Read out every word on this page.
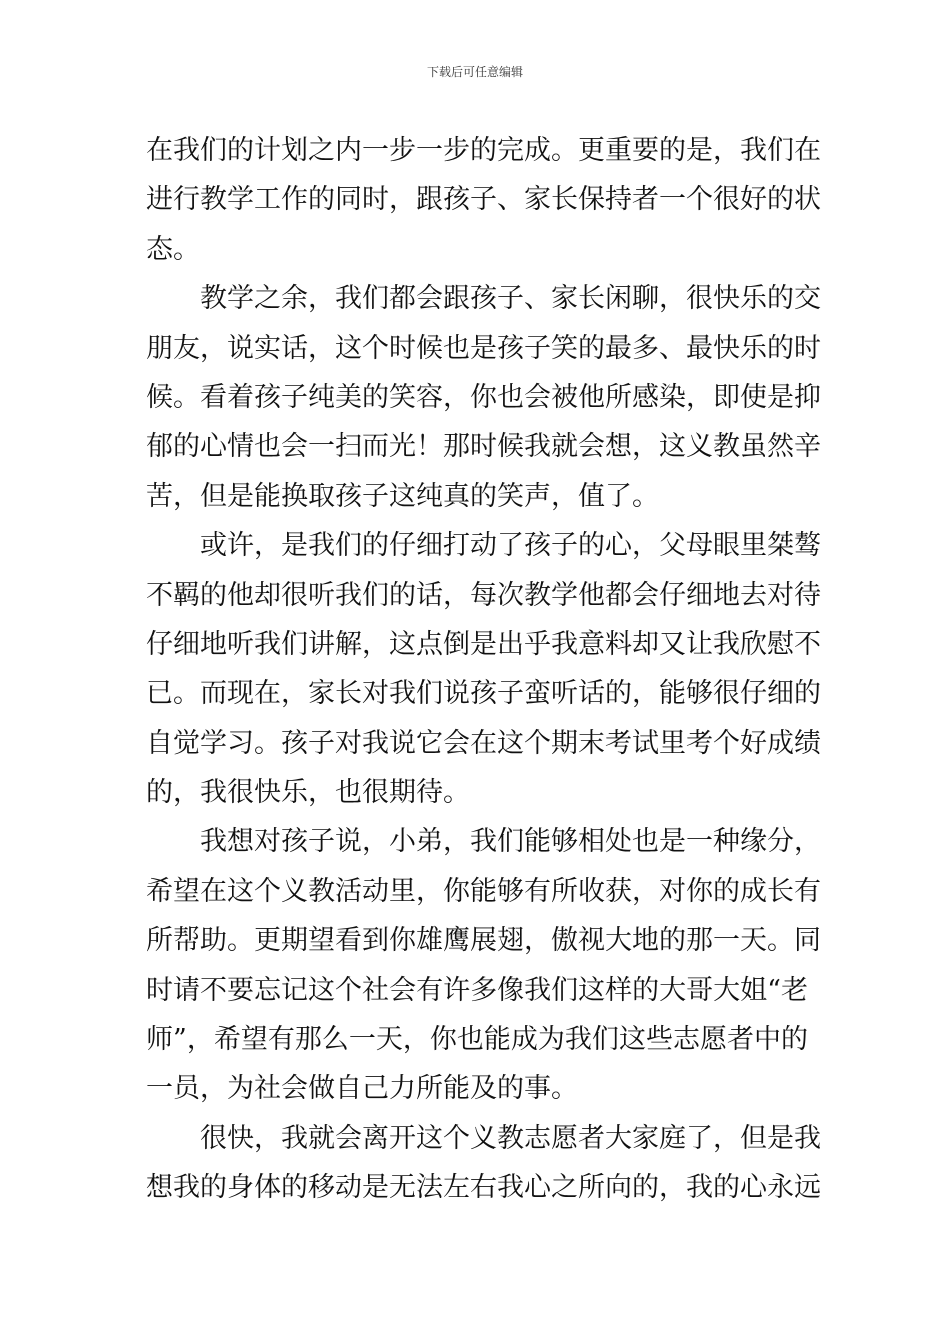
下载后可任意编辑
在我们的计划之内一步一步的完成。更重要的是，我们在
进行教学工作的同时，跟孩子、家长保持者一个很好的状
态。
教学之余，我们都会跟孩子、家长闲聊，很快乐的交
朋友，说实话，这个时候也是孩子笑的最多、最快乐的时
候。看着孩子纯美的笑容，你也会被他所感染，即使是抑
郁的心情也会一扫而光！那时候我就会想，这义教虽然辛
苦，但是能换取孩子这纯真的笑声，值了。
或许，是我们的仔细打动了孩子的心，父母眼里桀骜
不羁的他却很听我们的话，每次教学他都会仔细地去对待
仔细地听我们讲解，这点倒是出乎我意料却又让我欣慰不
已。而现在，家长对我们说孩子蛮听话的，能够很仔细的
自觉学习。孩子对我说它会在这个期末考试里考个好成绩
的，我很快乐，也很期待。
我想对孩子说，小弟，我们能够相处也是一种缘分，
希望在这个义教活动里，你能够有所收获，对你的成长有
所帮助。更期望看到你雄鹰展翅，傲视大地的那一天。同
时请不要忘记这个社会有许多像我们这样的大哥大姐“老
师”，希望有那么一天，你也能成为我们这些志愿者中的
一员，为社会做自己力所能及的事。
很快，我就会离开这个义教志愿者大家庭了，但是我
想我的身体的移动是无法左右我心之所向的，我的心永远
